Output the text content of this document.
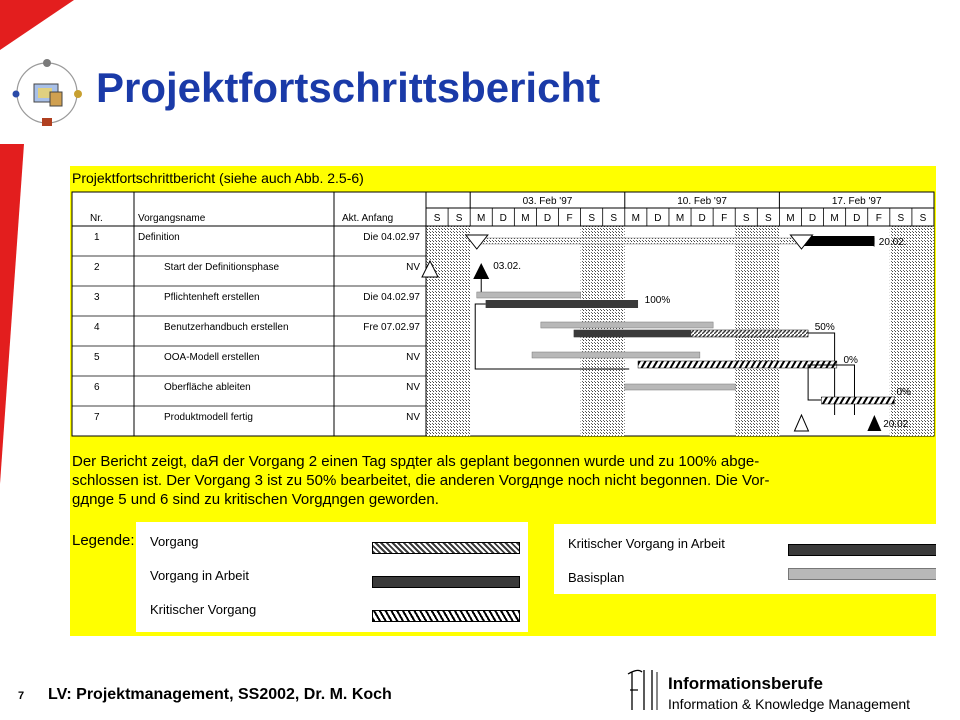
Projektfortschrittsbericht
Projektfortschrittbericht (siehe auch Abb. 2.5-6)
S S M D M D F S S M D M D F S S M D M D F S S
03. Feb '97	10. Feb '97	17. Feb '97
Nr.	Vorgangsname	Akt. Anfang
1	Definition	Die 04.02.97
2	Start der Definitionsphase	NV
3	Pflichtenheft erstellen	Die 04.02.97
4	Benutzerhandbuch erstellen	Fre 07.02.97
5	OOA-Modell erstellen	NV
6	Oberfläche ableiten	NV
7	Produktmodell fertig	NV
20.02.
03.02.
100%
50%
0%
0%
20.02.
Der Bericht zeigt, daЯ der Vorgang 2 einen Tag spдter als geplant begonnen wurde und zu 100% abge-
schlossen ist. Der Vorgang 3 ist zu 50% bearbeitet, die anderen Vorgдnge noch nicht begonnen. Die Vor-
gдnge 5 und 6 sind zu kritischen Vorgдngen geworden.
Legende: Vorgang
Vorgang in Arbeit
Kritischer Vorgang
Kritischer Vorgang in Arbeit
Basisplan
7 LV: Projektmanagement, SS2002, Dr. M. Koch
Informationsberufe
Information & Knowledge Management
